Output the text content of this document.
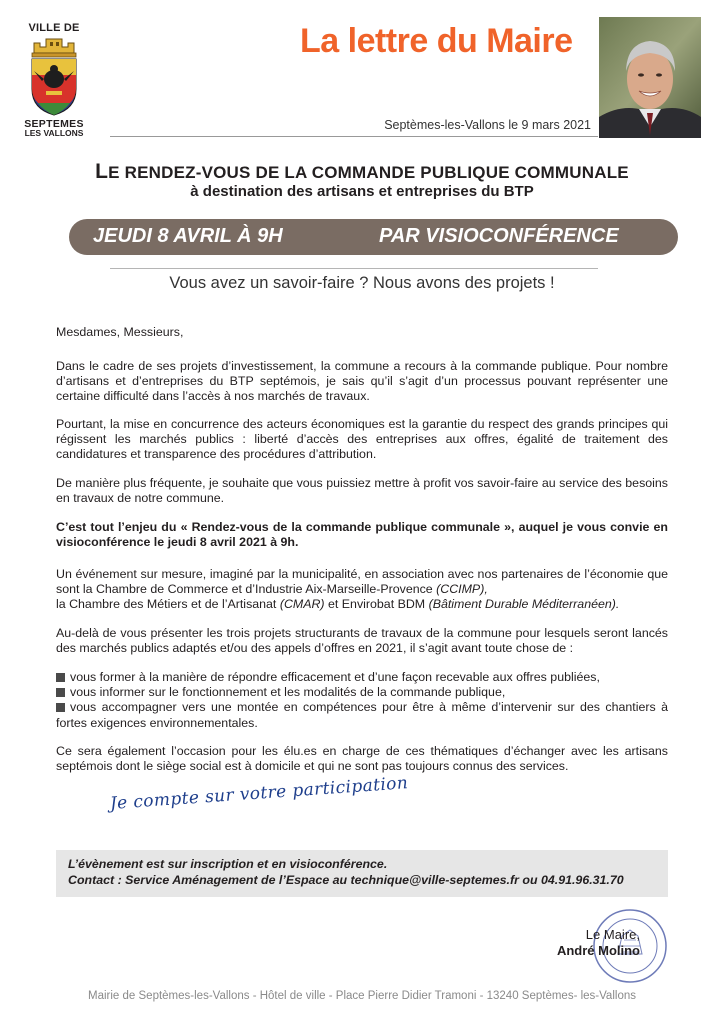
VILLE DE
SEPTEMES
LES VALLONS
La lettre du Maire
Septèmes-les-Vallons le 9 mars 2021
LE RENDEZ-VOUS DE LA COMMANDE PUBLIQUE COMMUNALE
à destination des artisans et entreprises du BTP
JEUDI 8 AVRIL À 9H	PAR VISIOCONFÉRENCE
Vous avez un savoir-faire ? Nous avons des projets !

Mesdames, Messieurs,

Dans le cadre de ses projets d’investissement, la commune a recours à la commande publique. Pour nombre d’artisans et d’entreprises du BTP septémois, je sais qu’il s’agit d’un processus pouvant représenter une certaine difficulté dans l’accès à nos marchés de travaux.

Pourtant, la mise en concurrence des acteurs économiques est la garantie du respect des grands principes qui régissent les marchés publics : liberté d’accès des entreprises aux offres, égalité de traitement des candidatures et transparence des procédures d’attribution.

De manière plus fréquente, je souhaite que vous puissiez mettre à profit vos savoir-faire au service des besoins en travaux de notre commune.

C’est tout l’enjeu du « Rendez-vous de la commande publique communale », auquel je vous convie en visioconférence le jeudi 8 avril 2021 à 9h.

Un événement sur mesure, imaginé par la municipalité, en association avec nos partenaires de l’économie que sont la Chambre de Commerce et d’Industrie Aix-Marseille-Provence (CCIMP),
la Chambre des Métiers et de l’Artisanat (CMAR) et Envirobat BDM (Bâtiment Durable Méditerranéen).

Au-delà de vous présenter les trois projets structurants de travaux de la commune pour lesquels seront lancés des marchés publics adaptés et/ou des appels d’offres en 2021, il s’agit avant toute chose de :

vous former à la manière de répondre efficacement et d’une façon recevable aux offres publiées,

vous informer sur le fonctionnement et les modalités de la commande publique,

vous accompagner vers une montée en compétences pour être à même d’intervenir sur des chantiers à fortes exigences environnementales.

Ce sera également l’occasion pour les élu.es en charge de ces thématiques d’échanger avec les artisans septémois dont le siège social est à domicile et qui ne sont pas toujours connus des services.

Je compte sur votre participation
L’évènement est sur inscription et en visioconférence.
Contact : Service Aménagement de l’Espace au technique@ville-septemes.fr ou 04.91.96.31.70
Le Maire,
André Molino
Mairie de Septèmes-les-Vallons - Hôtel de ville - Place Pierre Didier Tramoni - 13240 Septèmes- les-Vallons
